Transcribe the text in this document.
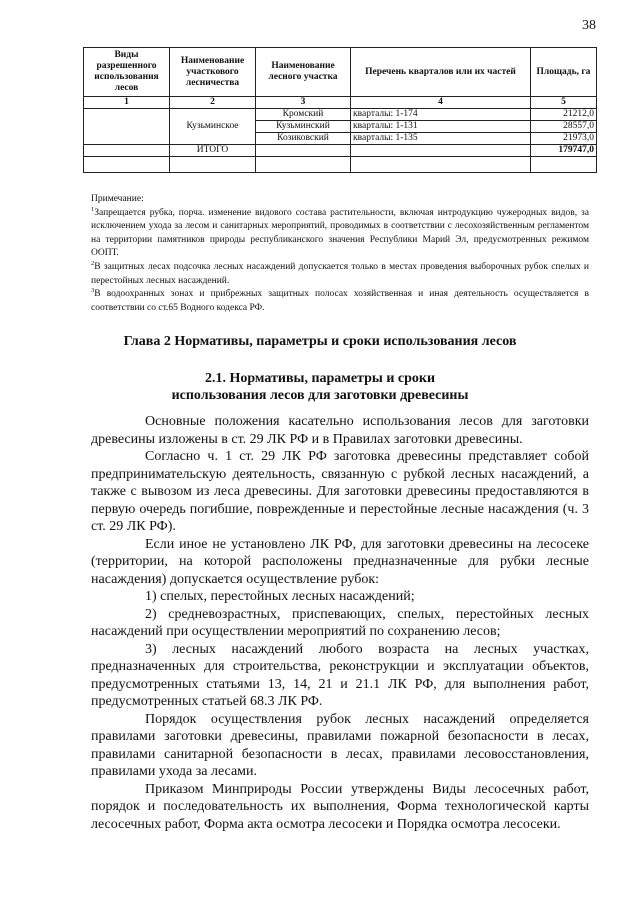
38
Виды разрешенного использования лесов	Наименование участкового лесничества	Наименование лесного участка	Перечень кварталов или их частей	Площадь, га
1	2	3	4	5
	Кузьминское	Кромский	кварталы: 1-174	21212,0
		Кузьминский	кварталы: 1-131	28557,0
		Козиковский	кварталы: 1-135	21973,0
	ИТОГО			179747,0

Примечание:

$^1$Запрещается рубка, порча. изменение видового состава растительности, включая интродукцию чужеродных видов, за исключением ухода за лесом и санитарных мероприятий, проводимых в соответствии с лесохозяйственным регламентом на территории памятников природы республиканского значения Республики Марий Эл, предусмотренных режимом ООПТ.

$^2$В защитных лесах подсочка лесных насаждений допускается только в местах проведения выборочных рубок спелых и перестойных лесных насаждений.

$^3$В водоохранных зонах и прибрежных защитных полосах хозяйственная и иная деятельность осуществляется в соответствии со ст.65 Водного кодекса РФ.

Глава 2 Нормативы, параметры и сроки использования лесов
2.1. Нормативы, параметры и сроки
использования лесов для заготовки древесины

Основные положения касательно использования лесов для заготовки древесины изложены в ст. 29 ЛК РФ и в Правилах заготовки древесины.

Согласно ч. 1 ст. 29 ЛК РФ заготовка древесины представляет собой предпринимательскую деятельность, связанную с рубкой лесных насаждений, а также с вывозом из леса древесины. Для заготовки древесины предоставляются в первую очередь погибшие, поврежденные и перестойные лесные насаждения (ч. 3 ст. 29 ЛК РФ).

Если иное не установлено ЛК РФ, для заготовки древесины на лесосеке (территории, на которой расположены предназначенные для рубки лесные насаждения) допускается осуществление рубок:

1) спелых, перестойных лесных насаждений;

2) средневозрастных, приспевающих, спелых, перестойных лесных насаждений при осуществлении мероприятий по сохранению лесов;

3) лесных насаждений любого возраста на лесных участках, предназначенных для строительства, реконструкции и эксплуатации объектов, предусмотренных статьями 13, 14, 21 и 21.1 ЛК РФ, для выполнения работ, предусмотренных статьей 68.3 ЛК РФ.

Порядок осуществления рубок лесных насаждений определяется правилами заготовки древесины, правилами пожарной безопасности в лесах, правилами санитарной безопасности в лесах, правилами лесовосстановления, правилами ухода за лесами.

Приказом Минприроды России утверждены Виды лесосечных работ, порядок и последовательность их выполнения, Форма технологической карты лесосечных работ, Форма акта осмотра лесосеки и Порядка осмотра лесосеки.
